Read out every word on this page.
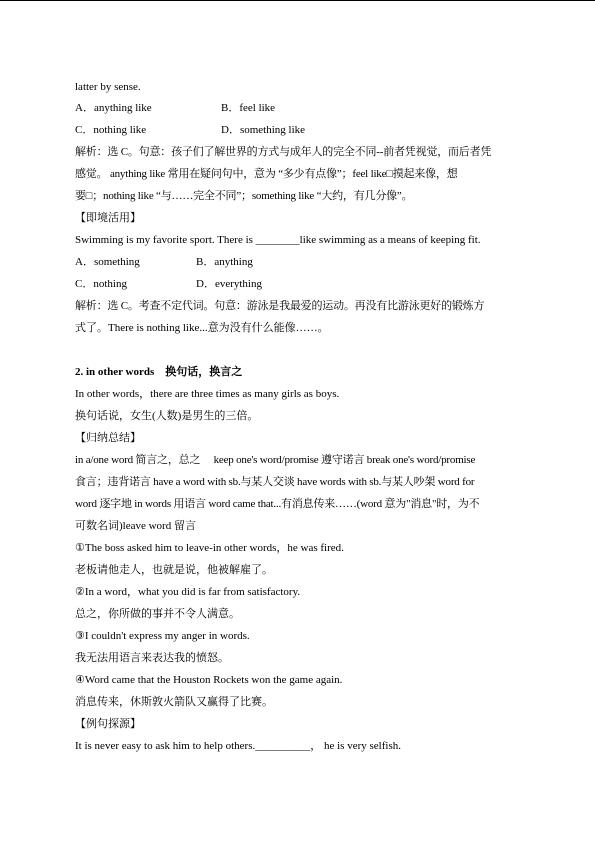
latter by sense.
A．anything like	B．feel like
C．nothing like	D．something like
解析：选 C。句意：孩子们了解世界的方式与成年人的完全不同--前者凭视觉，而后者凭
感觉。 anything like 常用在疑问句中，意为 “多少有点像”；feel like□摸起来像，想
要□；nothing like “与……完全不同”；something like “大约，有几分像”。
【即境活用】
Swimming is my favorite sport. There is ________like swimming as a means of keeping fit.
A．something	B．anything
C．nothing	D．everything
解析：选 C。考查不定代词。句意：游泳是我最爱的运动。再没有比游泳更好的锻炼方
式了。There is nothing like...意为没有什么能像……。
2. in other words　换句话，换言之
In other words，there are three times as many girls as boys.
换句话说，女生(人数)是男生的三倍。
【归纳总结】
in a/one word 简言之，总之　 keep one's word/promise 遵守诺言 break one's word/promise
食言；违背诺言 have a word with sb.与某人交谈 have words with sb.与某人吵架 word for
word 逐字地 in words 用语言 word came that...有消息传来……(word 意为"消息"时，为不
可数名词)leave word 留言
①The boss asked him to leave-in other words，he was fired.
老板请他走人，也就是说，他被解雇了。
②In a word，what you did is far from satisfactory.
总之，你所做的事并不令人满意。
③I couldn't express my anger in words.
我无法用语言来表达我的愤怒。
④Word came that the Houston Rockets won the game again.
消息传来，休斯敦火箭队又赢得了比赛。
【例句探源】
It is never easy to ask him to help others.__________， he is very selfish.
